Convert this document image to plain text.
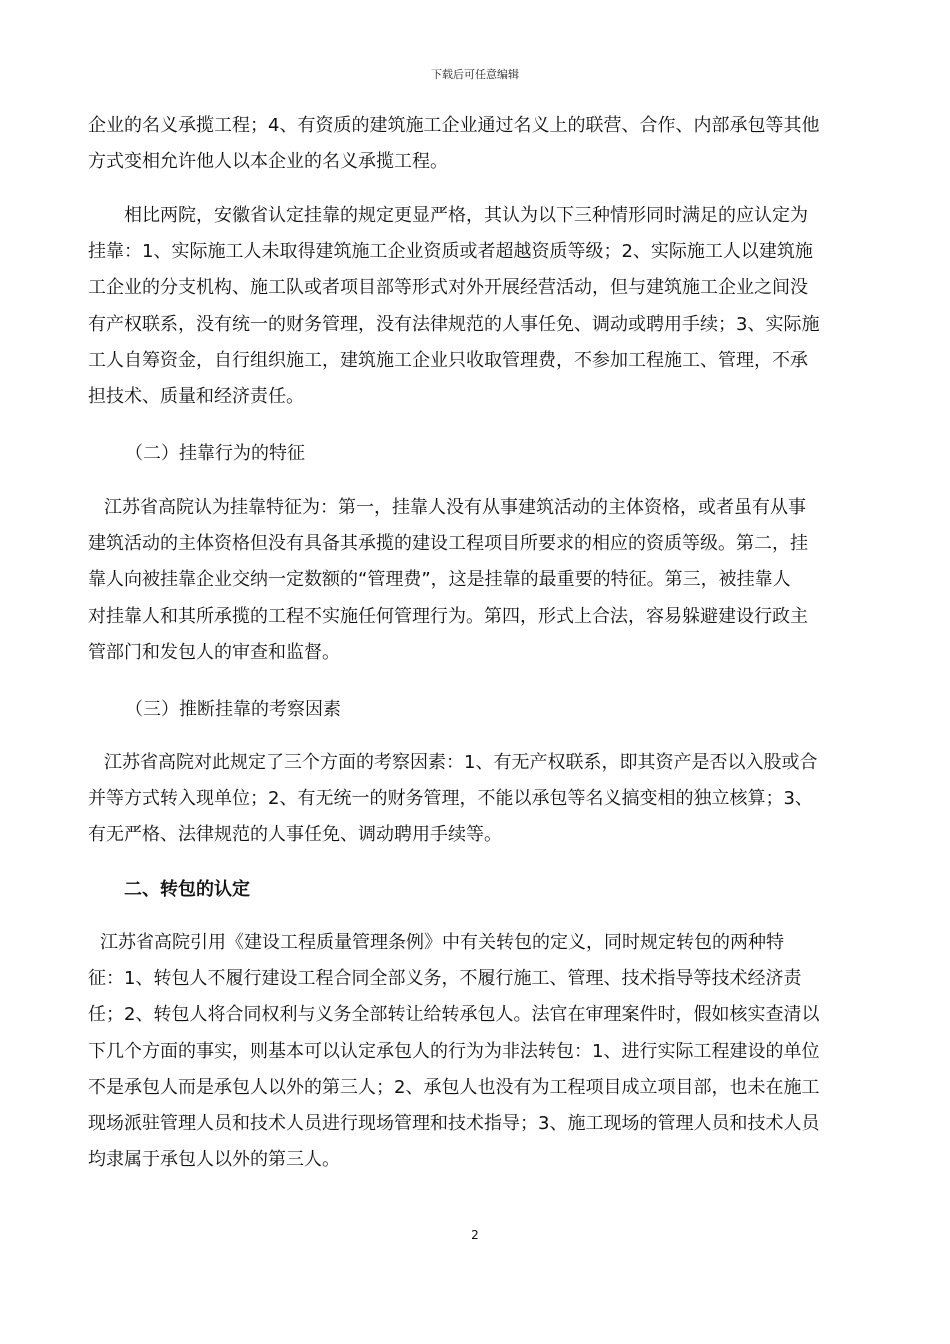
下载后可任意编辑
企业的名义承揽工程；4、有资质的建筑施工企业通过名义上的联营、合作、内部承包等其他
方式变相允许他人以本企业的名义承揽工程。
相比两院，安徽省认定挂靠的规定更显严格，其认为以下三种情形同时满足的应认定为
挂靠：1、实际施工人未取得建筑施工企业资质或者超越资质等级；2、实际施工人以建筑施
工企业的分支机构、施工队或者项目部等形式对外开展经营活动，但与建筑施工企业之间没
有产权联系，没有统一的财务管理，没有法律规范的人事任免、调动或聘用手续；3、实际施
工人自筹资金，自行组织施工，建筑施工企业只收取管理费，不参加工程施工、管理，不承
担技术、质量和经济责任。
（二）挂靠行为的特征
江苏省高院认为挂靠特征为：第一，挂靠人没有从事建筑活动的主体资格，或者虽有从事
建筑活动的主体资格但没有具备其承揽的建设工程项目所要求的相应的资质等级。第二，挂
靠人向被挂靠企业交纳一定数额的“管理费”，这是挂靠的最重要的特征。第三，被挂靠人
对挂靠人和其所承揽的工程不实施任何管理行为。第四，形式上合法，容易躲避建设行政主
管部门和发包人的审查和监督。
（三）推断挂靠的考察因素
江苏省高院对此规定了三个方面的考察因素：1、有无产权联系，即其资产是否以入股或合
并等方式转入现单位；2、有无统一的财务管理，不能以承包等名义搞变相的独立核算；3、
有无严格、法律规范的人事任免、调动聘用手续等。
二、转包的认定
江苏省高院引用《建设工程质量管理条例》中有关转包的定义，同时规定转包的两种特
征：1、转包人不履行建设工程合同全部义务，不履行施工、管理、技术指导等技术经济责
任；2、转包人将合同权利与义务全部转让给转承包人。法官在审理案件时，假如核实查清以
下几个方面的事实，则基本可以认定承包人的行为为非法转包：1、进行实际工程建设的单位
不是承包人而是承包人以外的第三人；2、承包人也没有为工程项目成立项目部，也未在施工
现场派驻管理人员和技术人员进行现场管理和技术指导；3、施工现场的管理人员和技术人员
均隶属于承包人以外的第三人。
2
